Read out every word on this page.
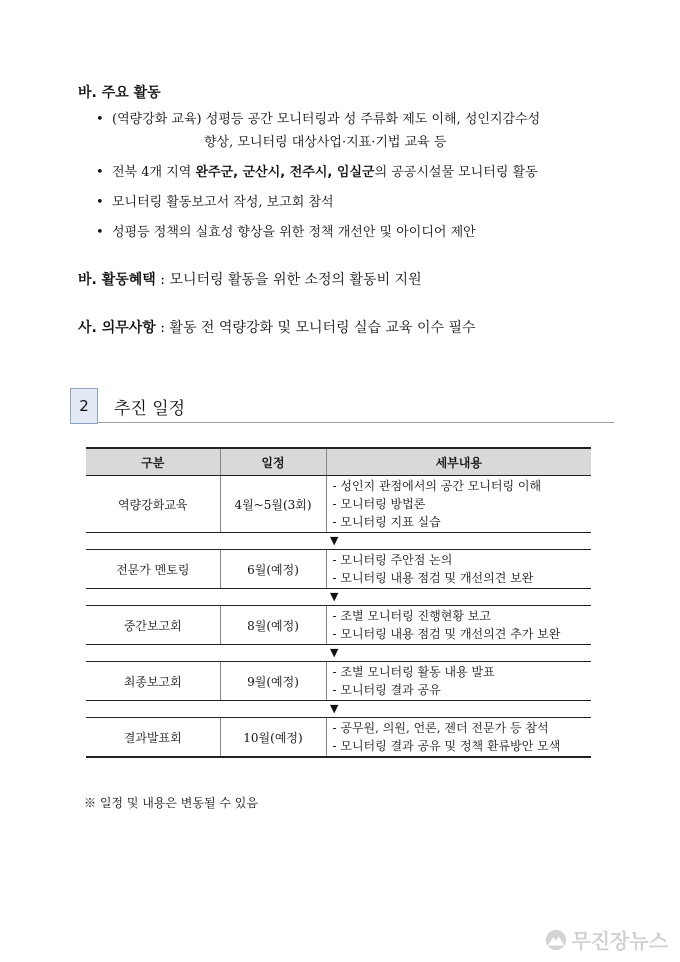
바. 주요 활동
• (역량강화 교육) 성평등 공간 모니터링과 성 주류화 제도 이해, 성인지감수성
향상, 모니터링 대상사업·지표·기법 교육 등
• 전북 4개 지역 완주군, 군산시, 전주시, 임실군의 공공시설물 모니터링 활동
• 모니터링 활동보고서 작성, 보고회 참석
• 성평등 정책의 실효성 향상을 위한 정책 개선안 및 아이디어 제안
바. 활동혜택 : 모니터링 활동을 위한 소정의 활동비 지원
사. 의무사항 : 활동 전 역량강화 및 모니터링 실습 교육 이수 필수
2	추진 일정
구분	일정	세부내용
역량강화교육	4월~5월(3회)	- 성인지 관점에서의 공간 모니터링 이해
- 모니터링 방법론
- 모니터링 지표 실습

		▼
전문가 멘토링	6월(예정)	- 모니터링 주안점 논의
- 모니터링 내용 점검 및 개선의견 보완

		▼
중간보고회	8월(예정)	- 조별 모니터링 진행현황 보고
- 모니터링 내용 점검 및 개선의견 추가 보완

		▼
최종보고회	9월(예정)	- 조별 모니터링 활동 내용 발표
- 모니터링 결과 공유

		▼
결과발표회	10월(예정)	- 공무원, 의원, 언론, 젠더 전문가 등 참석
- 모니터링 결과 공유 및 정책 환류방안 모색
※ 일정 및 내용은 변동될 수 있음
무진장뉴스
